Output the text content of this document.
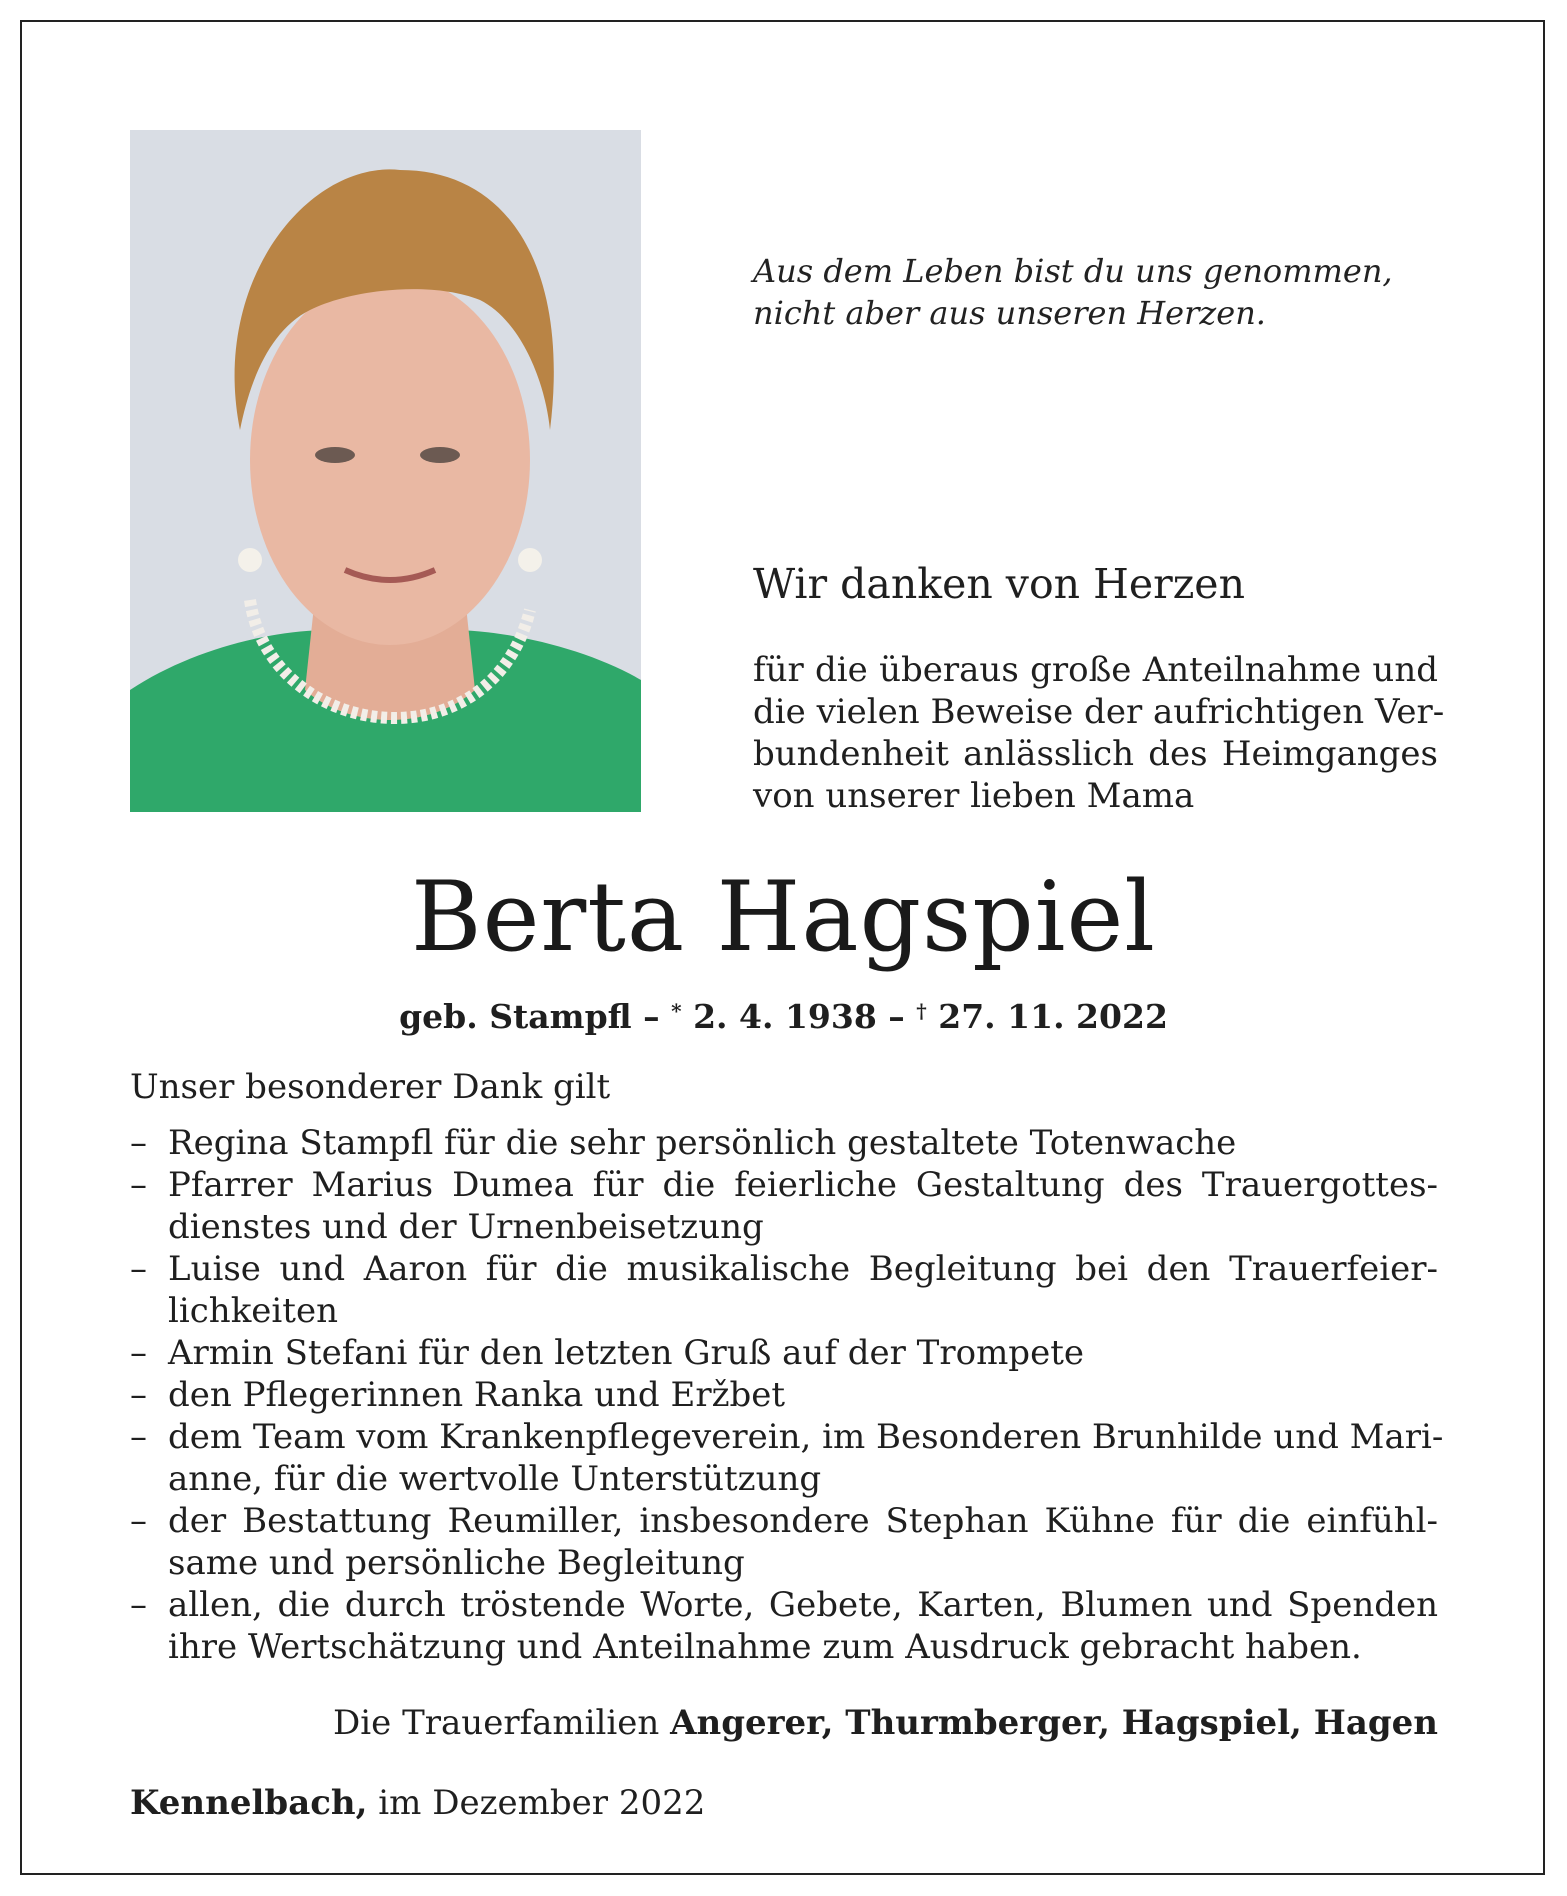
Aus dem Leben bist du uns genommen,
nicht aber aus unseren Herzen.
Wir danken von Herzen
für die überaus große Anteilnahme und
die vielen Beweise der aufrichtigen Ver-
bundenheit anlässlich des Heimganges
von unserer lieben Mama
Berta Hagspiel
geb. Stampfl – * 2. 4. 1938 – † 27. 11. 2022
Unser besonderer Dank gilt
– Regina Stampfl für die sehr persönlich gestaltete Totenwache
– Pfarrer Marius Dumea für die feierliche Gestaltung des Trauergottes-
dienstes und der Urnenbeisetzung
– Luise und Aaron für die musikalische Begleitung bei den Trauerfeier-
lichkeiten
– Armin Stefani für den letzten Gruß auf der Trompete
– den Pflegerinnen Ranka und Eržbet
– dem Team vom Krankenpflegeverein, im Besonderen Brunhilde und Mari-
anne, für die wertvolle Unterstützung
– der Bestattung Reumiller, insbesondere Stephan Kühne für die einfühl-
same und persönliche Begleitung
– allen, die durch tröstende Worte, Gebete, Karten, Blumen und Spenden
ihre Wertschätzung und Anteilnahme zum Ausdruck gebracht haben.
Die Trauerfamilien Angerer, Thurmberger, Hagspiel, Hagen
Kennelbach, im Dezember 2022
